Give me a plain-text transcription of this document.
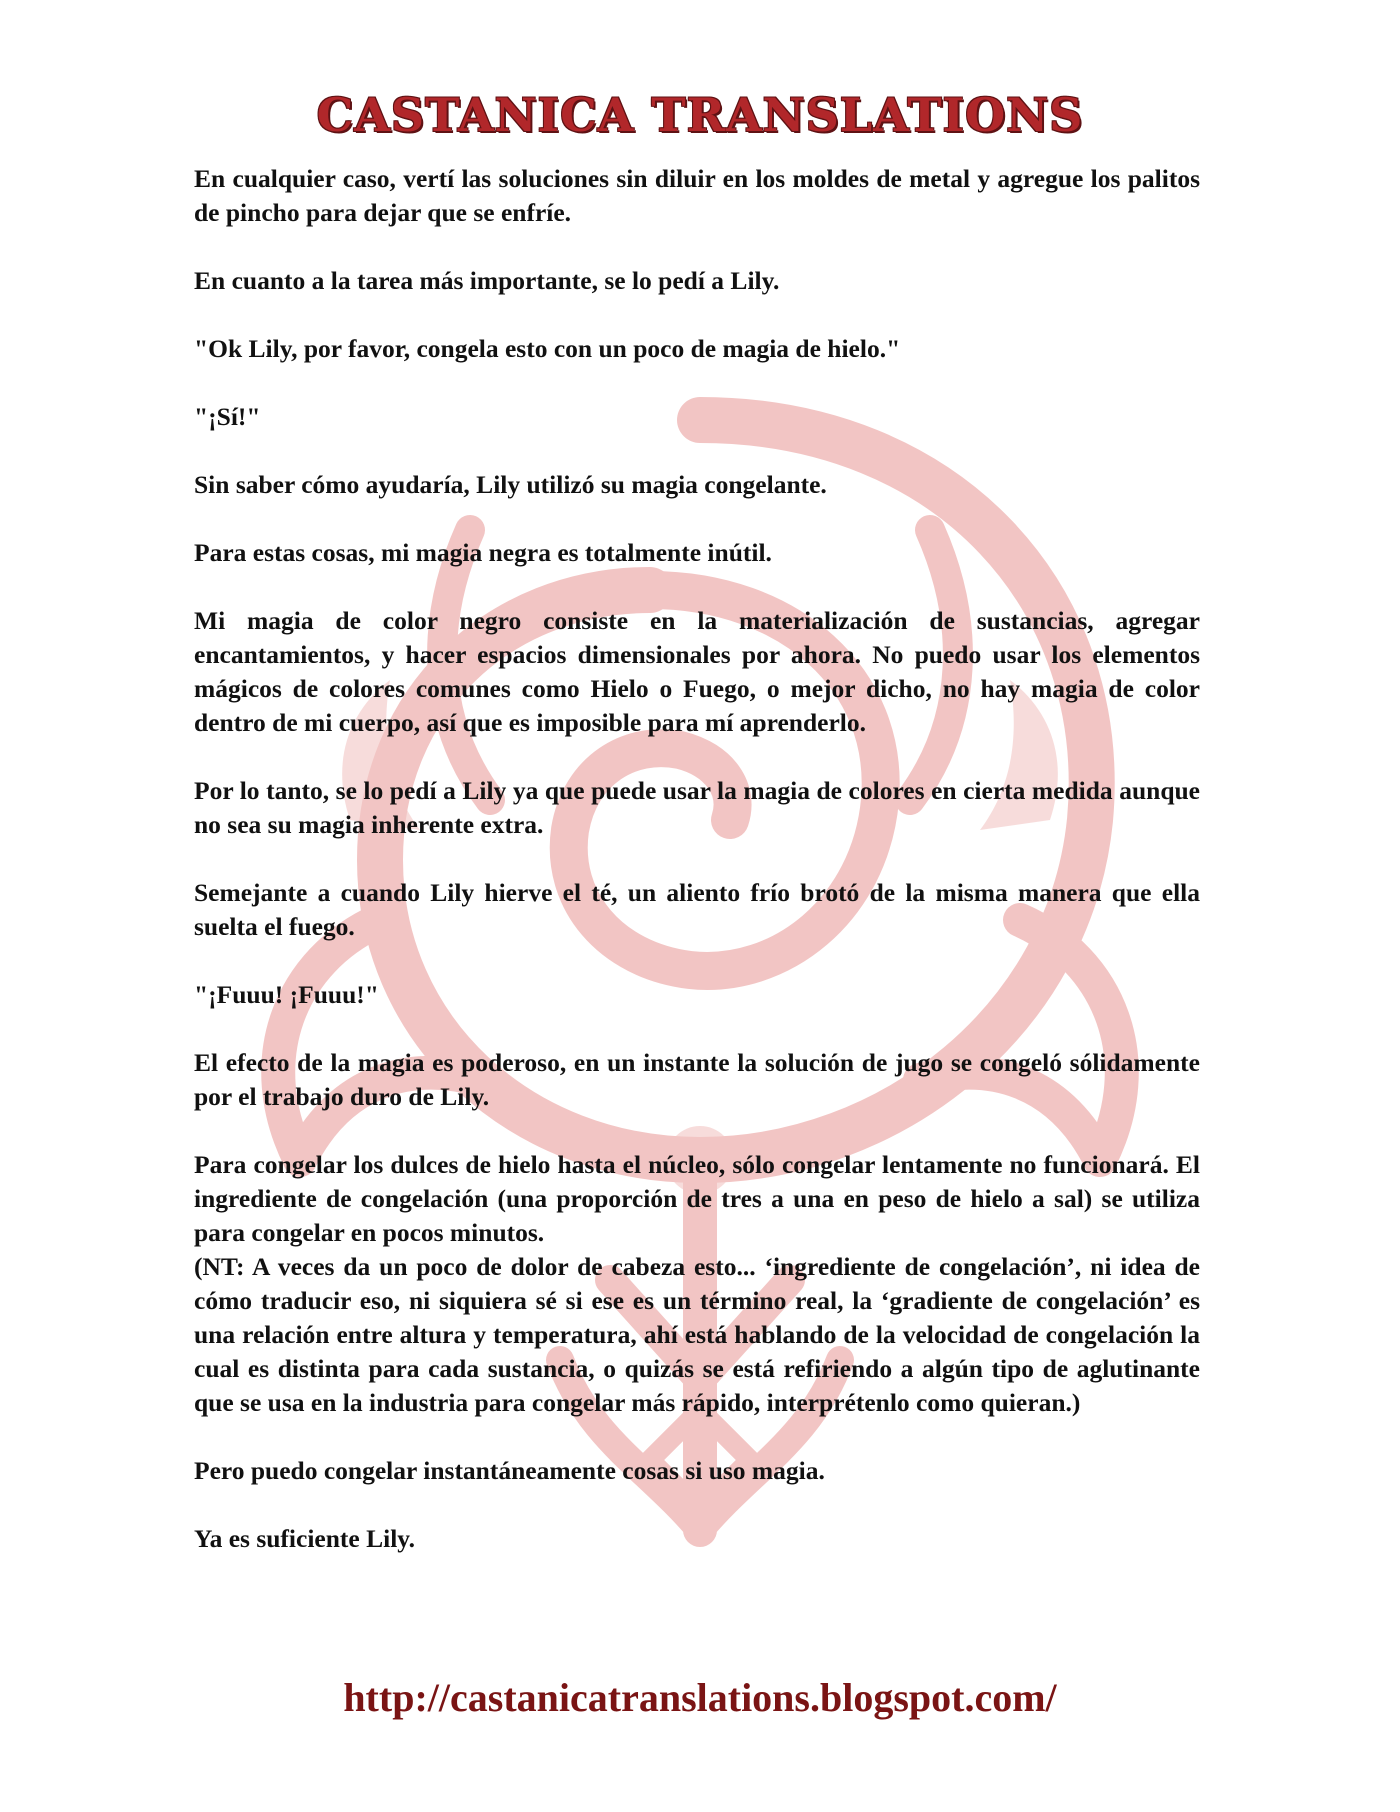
CASTANICA TRANSLATIONS

En cualquier caso, vertí las soluciones sin diluir en los moldes de metal y agregue los palitos de pincho para dejar que se enfríe.

En cuanto a la tarea más importante, se lo pedí a Lily.

"Ok Lily, por favor, congela esto con un poco de magia de hielo."

"¡Sí!"

Sin saber cómo ayudaría, Lily utilizó su magia congelante.

Para estas cosas, mi magia negra es totalmente inútil.

Mi magia de color negro consiste en la materialización de sustancias, agregar encantamientos, y hacer espacios dimensionales por ahora. No puedo usar los elementos mágicos de colores comunes como Hielo o Fuego, o mejor dicho, no hay magia de color dentro de mi cuerpo, así que es imposible para mí aprenderlo.

Por lo tanto, se lo pedí a Lily ya que puede usar la magia de colores en cierta medida aunque no sea su magia inherente extra.

Semejante a cuando Lily hierve el té, un aliento frío brotó de la misma manera que ella suelta el fuego.

"¡Fuuu! ¡Fuuu!"

El efecto de la magia es poderoso, en un instante la solución de jugo se congeló sólidamente por el trabajo duro de Lily.

Para congelar los dulces de hielo hasta el núcleo, sólo congelar lentamente no funcionará. El ingrediente de congelación (una proporción de tres a una en peso de hielo a sal) se utiliza para congelar en pocos minutos.

(NT: A veces da un poco de dolor de cabeza esto... ‘ingrediente de congelación’, ni idea de cómo traducir eso, ni siquiera sé si ese es un término real, la ‘gradiente de congelación’ es una relación entre altura y temperatura, ahí está hablando de la velocidad de congelación la cual es distinta para cada sustancia, o quizás se está refiriendo a algún tipo de aglutinante que se usa en la industria para congelar más rápido, interprétenlo como quieran.)

Pero puedo congelar instantáneamente cosas si uso magia.

Ya es suficiente Lily.

http://castanicatranslations.blogspot.com/
